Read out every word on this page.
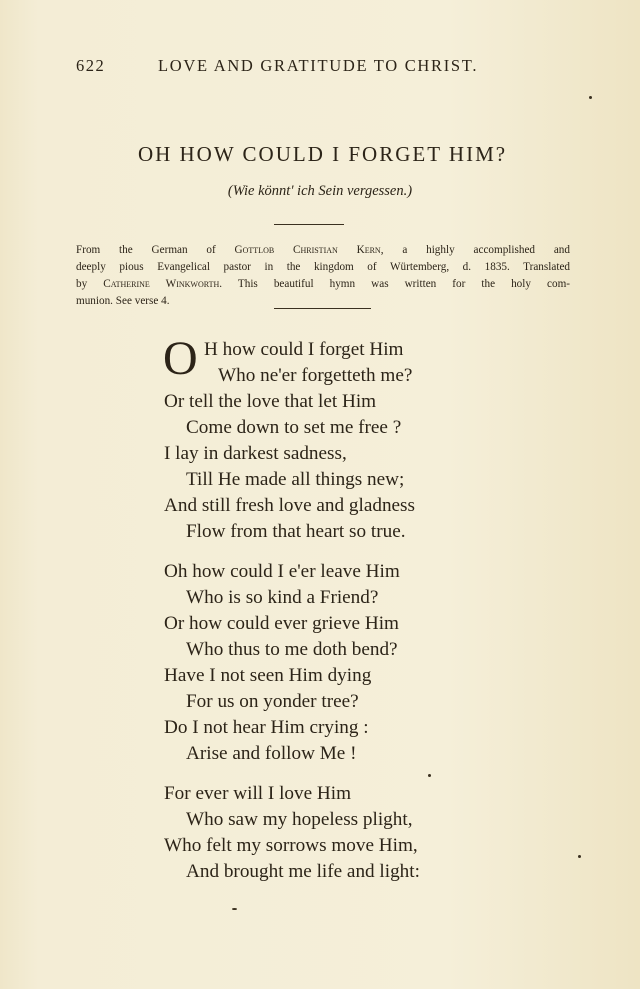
622	LOVE AND GRATITUDE TO CHRIST.
OH HOW COULD I FORGET HIM?
(Wie könnt' ich Sein vergessen.)
From the German of Gottlob Christian Kern, a highly accomplished and
deeply pious Evangelical pastor in the kingdom of Würtemberg, d. 1835. Translated
by Catherine Winkworth. This beautiful hymn was written for the holy com-
munion. See verse 4.
O H how could I forget Him
Who ne'er forgetteth me?
Or tell the love that let Him
Come down to set me free ?
I lay in darkest sadness,
Till He made all things new;
And still fresh love and gladness
Flow from that heart so true.
Oh how could I e'er leave Him
Who is so kind a Friend?
Or how could ever grieve Him
Who thus to me doth bend?
Have I not seen Him dying
For us on yonder tree?
Do I not hear Him crying :
Arise and follow Me !
For ever will I love Him
Who saw my hopeless plight,
Who felt my sorrows move Him,
And brought me life and light:
